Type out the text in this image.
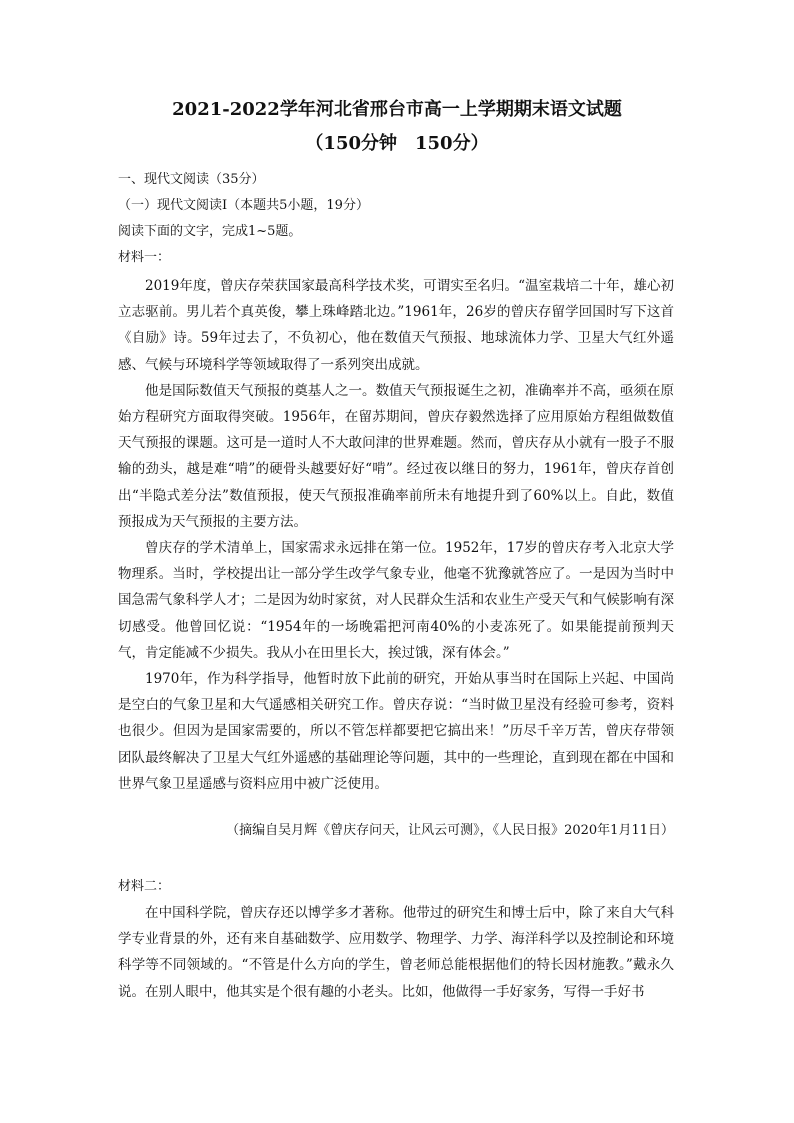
2021-2022学年河北省邢台市高一上学期期末语文试题
（150分钟　150分）
一、现代文阅读（35分）
（一）现代文阅读Ⅰ（本题共5小题，19分）
阅读下面的文字，完成1~5题。
材料一：

2019年度，曾庆存荣获国家最高科学技术奖，可谓实至名归。“温室栽培二十年，雄心初立志驱前。男儿若个真英俊，攀上珠峰踏北边。”1961年，26岁的曾庆存留学回国时写下这首《自励》诗。59年过去了，不负初心，他在数值天气预报、地球流体力学、卫星大气红外遥感、气候与环境科学等领域取得了一系列突出成就。

他是国际数值天气预报的奠基人之一。数值天气预报诞生之初，准确率并不高，亟须在原始方程研究方面取得突破。1956年，在留苏期间，曾庆存毅然选择了应用原始方程组做数值天气预报的课题。这可是一道时人不大敢问津的世界难题。然而，曾庆存从小就有一股子不服输的劲头，越是难“啃”的硬骨头越要好好“啃”。经过夜以继日的努力，1961年，曾庆存首创出“半隐式差分法”数值预报，使天气预报准确率前所未有地提升到了60%以上。自此，数值预报成为天气预报的主要方法。

曾庆存的学术清单上，国家需求永远排在第一位。1952年，17岁的曾庆存考入北京大学物理系。当时，学校提出让一部分学生改学气象专业，他毫不犹豫就答应了。一是因为当时中国急需气象科学人才；二是因为幼时家贫，对人民群众生活和农业生产受天气和气候影响有深切感受。他曾回忆说：“1954年的一场晚霜把河南40%的小麦冻死了。如果能提前预判天气，肯定能减不少损失。我从小在田里长大，挨过饿，深有体会。”

1970年，作为科学指导，他暂时放下此前的研究，开始从事当时在国际上兴起、中国尚是空白的气象卫星和大气遥感相关研究工作。曾庆存说：“当时做卫星没有经验可参考，资料也很少。但因为是国家需要的，所以不管怎样都要把它搞出来！”历尽千辛万苦，曾庆存带领团队最终解决了卫星大气红外遥感的基础理论等问题，其中的一些理论，直到现在都在中国和世界气象卫星遥感与资料应用中被广泛使用。

（摘编自吴月辉《曾庆存问天，让风云可测》，《人民日报》2020年1月11日）
材料二：

在中国科学院，曾庆存还以博学多才著称。他带过的研究生和博士后中，除了来自大气科学专业背景的外，还有来自基础数学、应用数学、物理学、力学、海洋科学以及控制论和环境科学等不同领域的。“不管是什么方向的学生，曾老师总能根据他们的特长因材施教。”戴永久说。在别人眼中，他其实是个很有趣的小老头。比如，他做得一手好家务，写得一手好书
